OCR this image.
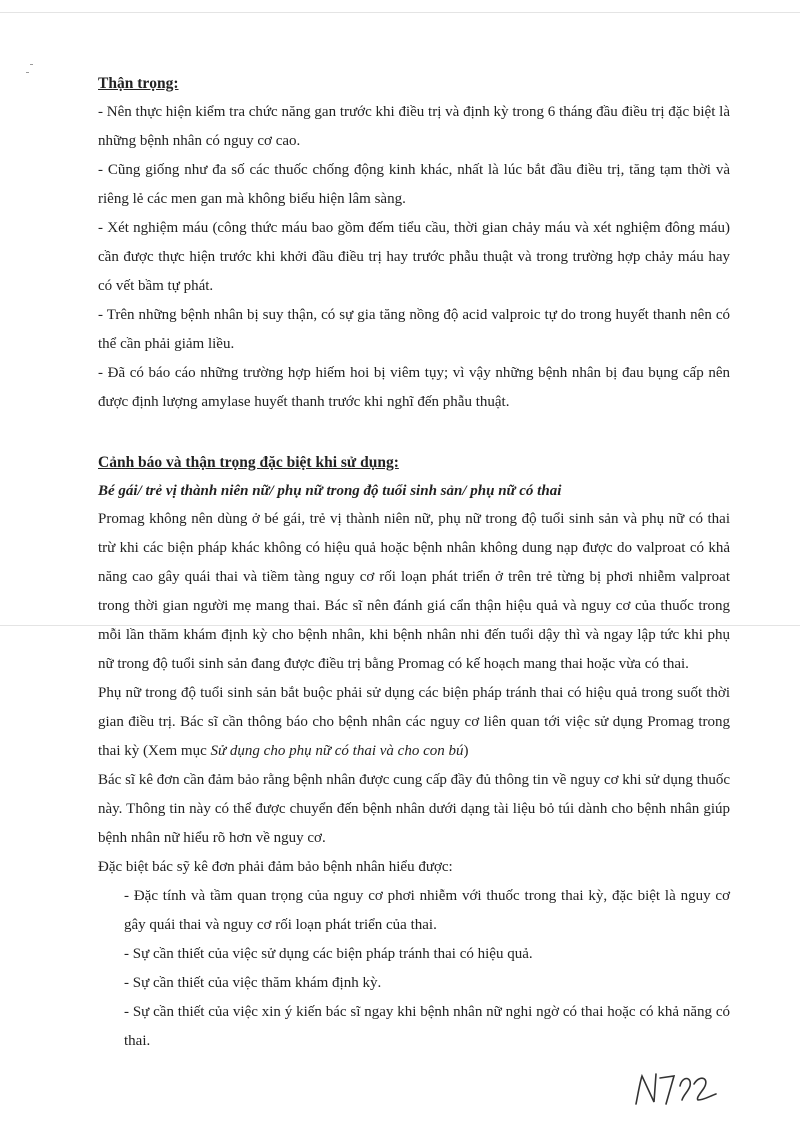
Thận trọng:

- Nên thực hiện kiểm tra chức năng gan trước khi điều trị và định kỳ trong 6 tháng đầu điều trị đặc biệt là những bệnh nhân có nguy cơ cao.

- Cũng giống như đa số các thuốc chống động kinh khác, nhất là lúc bắt đầu điều trị, tăng tạm thời và riêng lẻ các men gan mà không biểu hiện lâm sàng.

- Xét nghiệm máu (công thức máu bao gồm đếm tiểu cầu, thời gian chảy máu và xét nghiệm đông máu) cần được thực hiện trước khi khởi đầu điều trị hay trước phẫu thuật và trong trường hợp chảy máu hay có vết bầm tự phát.

- Trên những bệnh nhân bị suy thận, có sự gia tăng nồng độ acid valproic tự do trong huyết thanh nên có thể cần phải giảm liều.

- Đã có báo cáo những trường hợp hiếm hoi bị viêm tụy; vì vậy những bệnh nhân bị đau bụng cấp nên được định lượng amylase huyết thanh trước khi nghĩ đến phẫu thuật.

Cảnh báo và thận trọng đặc biệt khi sử dụng:

Bé gái/ trẻ vị thành niên nữ/ phụ nữ trong độ tuổi sinh sản/ phụ nữ có thai

Promag không nên dùng ở bé gái, trẻ vị thành niên nữ, phụ nữ trong độ tuổi sinh sản và phụ nữ có thai trừ khi các biện pháp khác không có hiệu quả hoặc bệnh nhân không dung nạp được do valproat có khả năng cao gây quái thai và tiềm tàng nguy cơ rối loạn phát triển ở trên trẻ từng bị phơi nhiễm valproat trong thời gian người mẹ mang thai. Bác sĩ nên đánh giá cẩn thận hiệu quả và nguy cơ của thuốc trong mỗi lần thăm khám định kỳ cho bệnh nhân, khi bệnh nhân nhi đến tuổi dậy thì và ngay lập tức khi phụ nữ trong độ tuổi sinh sản đang được điều trị bằng Promag có kế hoạch mang thai hoặc vừa có thai.

Phụ nữ trong độ tuổi sinh sản bắt buộc phải sử dụng các biện pháp tránh thai có hiệu quả trong suốt thời gian điều trị. Bác sĩ cần thông báo cho bệnh nhân các nguy cơ liên quan tới việc sử dụng Promag trong thai kỳ (Xem mục Sử dụng cho phụ nữ có thai và cho con bú)

Bác sĩ kê đơn cần đảm bảo rằng bệnh nhân được cung cấp đầy đủ thông tin về nguy cơ khi sử dụng thuốc này. Thông tin này có thể được chuyển đến bệnh nhân dưới dạng tài liệu bỏ túi dành cho bệnh nhân giúp bệnh nhân nữ hiểu rõ hơn về nguy cơ.

Đặc biệt bác sỹ kê đơn phải đảm bảo bệnh nhân hiểu được:

- Đặc tính và tầm quan trọng của nguy cơ phơi nhiễm với thuốc trong thai kỳ, đặc biệt là nguy cơ gây quái thai và nguy cơ rối loạn phát triển của thai.

- Sự cần thiết của việc sử dụng các biện pháp tránh thai có hiệu quả.

- Sự cần thiết của việc thăm khám định kỳ.

- Sự cần thiết của việc xin ý kiến bác sĩ ngay khi bệnh nhân nữ nghi ngờ có thai hoặc có khả năng có thai.
